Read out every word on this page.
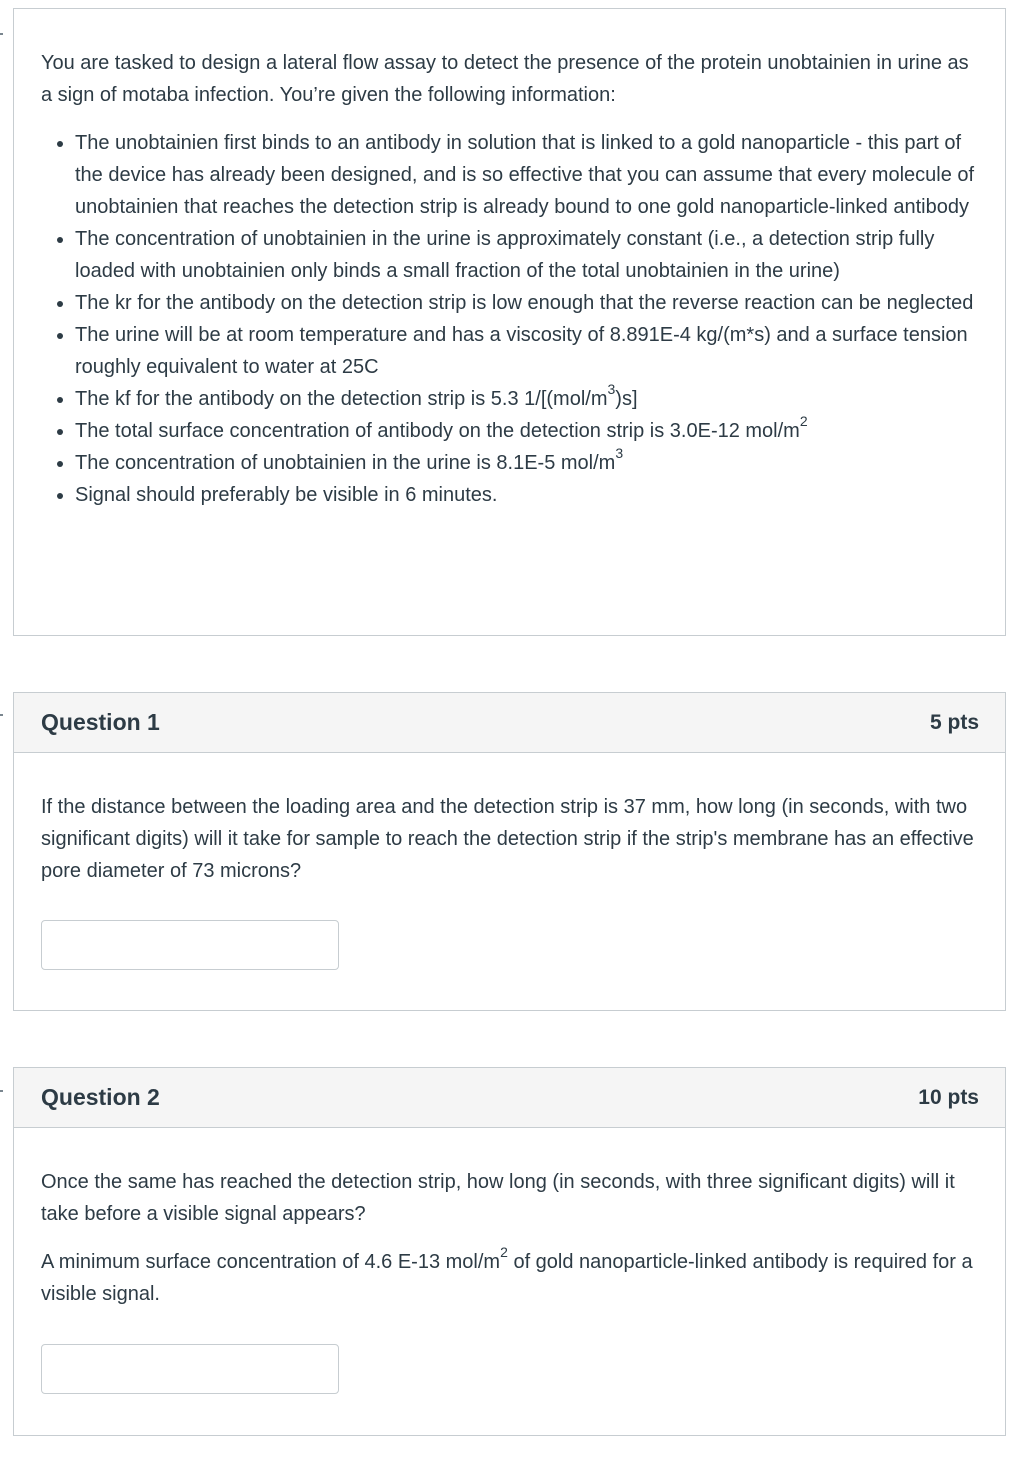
You are tasked to design a lateral flow assay to detect the presence of the protein unobtainien in urine as a sign of motaba infection. You’re given the following information:

• The unobtainien first binds to an antibody in solution that is linked to a gold nanoparticle - this part of the device has already been designed, and is so effective that you can assume that every molecule of unobtainien that reaches the detection strip is already bound to one gold nanoparticle-linked antibody
• The concentration of unobtainien in the urine is approximately constant (i.e., a detection strip fully loaded with unobtainien only binds a small fraction of the total unobtainien in the urine)
• The kr for the antibody on the detection strip is low enough that the reverse reaction can be neglected
• The urine will be at room temperature and has a viscosity of 8.891E-4 kg/(m*s) and a surface tension roughly equivalent to water at 25C
• The kf for the antibody on the detection strip is 5.3 $1/[(mol/m^3)s]$
• The total surface concentration of antibody on the detection strip is 3.0E-12 mol/$m^2$
• The concentration of unobtainien in the urine is 8.1E-5 mol/$m^3$
• Signal should preferably be visible in 6 minutes.
Question 1	5 pts

If the distance between the loading area and the detection strip is 37 mm, how long (in seconds, with two significant digits) will it take for sample to reach the detection strip if the strip's membrane has an effective pore diameter of 73 microns?

Question 2	10 pts

Once the same has reached the detection strip, how long (in seconds, with three significant digits) will it take before a visible signal appears?

A minimum surface concentration of 4.6 E-13 mol/$m^2$ of gold nanoparticle-linked antibody is required for a visible signal.
